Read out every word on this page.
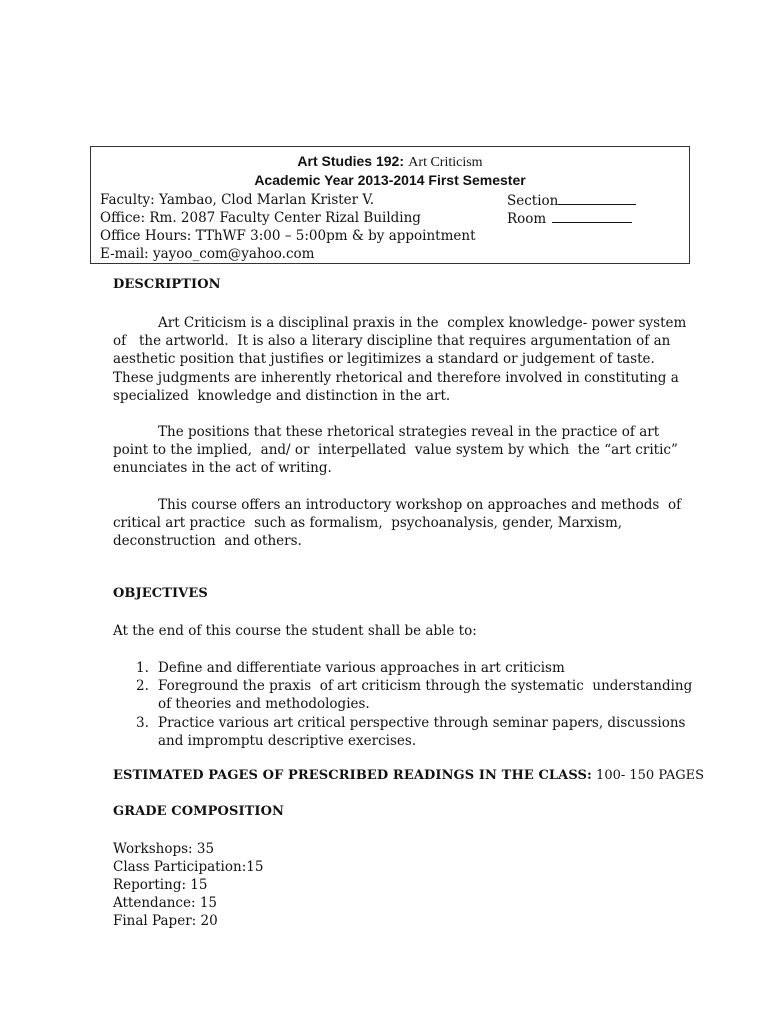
Art Studies 192: Art Criticism
Academic Year 2013-2014 First Semester
Faculty: Yambao, Clod Marlan Krister V.
Office: Rm. 2087 Faculty Center Rizal Building
Office Hours: TThWF 3:00 – 5:00pm & by appointment
E-mail: yayoo_com@yahoo.com
Section
Room
DESCRIPTION
Art Criticism is a disciplinal praxis in the  complex knowledge- power system
of   the artworld.  It is also a literary discipline that requires argumentation of an
aesthetic position that justifies or legitimizes a standard or judgement of taste.
These judgments are inherently rhetorical and therefore involved in constituting a
specialized  knowledge and distinction in the art.
The positions that these rhetorical strategies reveal in the practice of art
point to the implied,  and/ or  interpellated  value system by which  the “art critic”
enunciates in the act of writing.
This course offers an introductory workshop on approaches and methods  of
critical art practice  such as formalism,  psychoanalysis, gender, Marxism,
deconstruction  and others.
OBJECTIVES
At the end of this course the student shall be able to:
1. Define and differentiate various approaches in art criticism
2. Foreground the praxis  of art criticism through the systematic  understanding
of theories and methodologies.
3. Practice various art critical perspective through seminar papers, discussions
and impromptu descriptive exercises.
ESTIMATED PAGES OF PRESCRIBED READINGS IN THE CLASS: 100- 150 PAGES
GRADE COMPOSITION
Workshops: 35
Class Participation:15
Reporting: 15
Attendance: 15
Final Paper: 20
